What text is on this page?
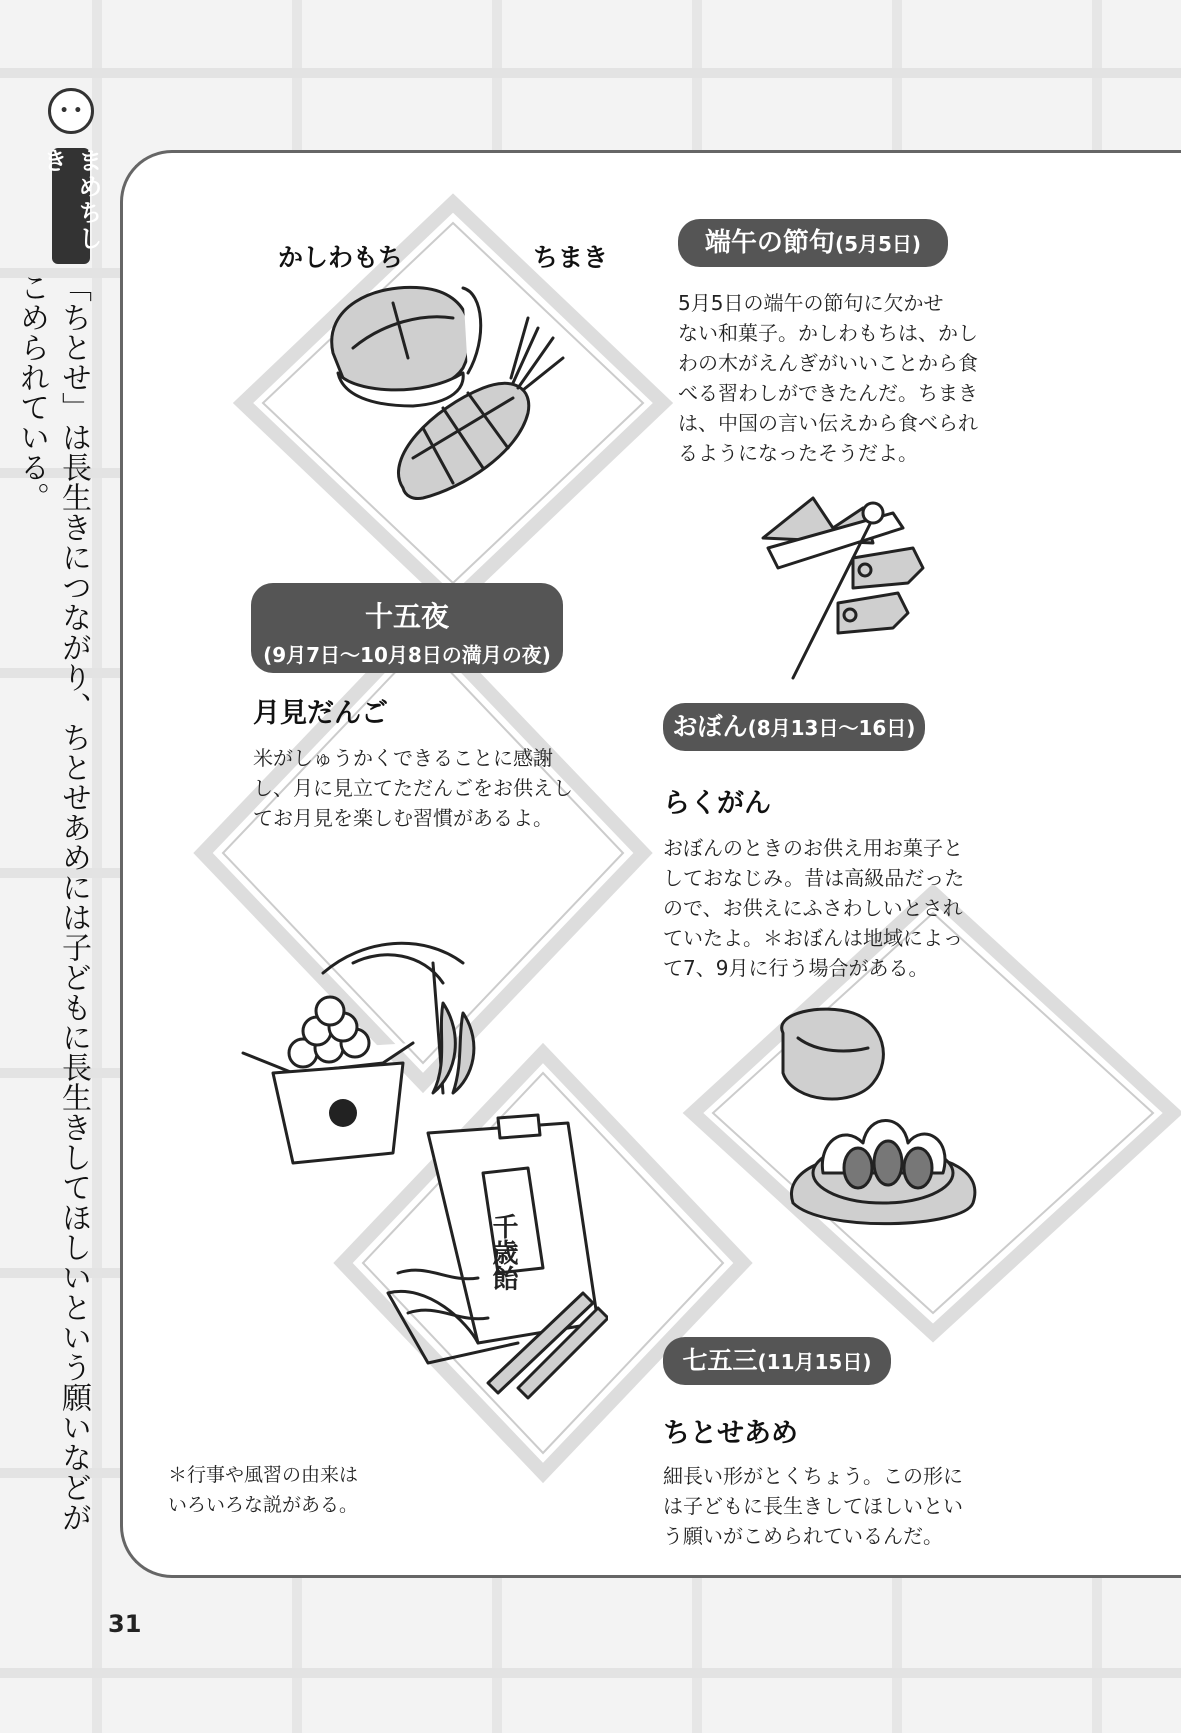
• •
まめちしき
「ちとせ」は長生きにつながり、ちとせあめには子どもに長生きしてほしいという願いなどがこめられている。
31
かしわもち	ちまき	端午の節句(5月5日)
5月5日の端午の節句に欠かせ
ない和菓子。かしわもちは、かし
わの木がえんぎがいいことから食
べる習わしができたんだ。ちまき
は、中国の言い伝えから食べられ
るようになったそうだよ。
十五夜
(9月7日〜10月8日の満月の夜)
月見だんご
米がしゅうかくできることに感謝
し、月に見立てただんごをお供えし
てお月見を楽しむ習慣があるよ。
おぼん(8月13日〜16日)
らくがん
おぼんのときのお供え用お菓子と
しておなじみ。昔は高級品だった
ので、お供えにふさわしいとされ
ていたよ。＊おぼんは地域によっ
て7、9月に行う場合がある。
千歳飴
七五三(11月15日)
ちとせあめ
細長い形がとくちょう。この形に
は子どもに長生きしてほしいとい
う願いがこめられているんだ。
＊行事や風習の由来は
いろいろな説がある。
